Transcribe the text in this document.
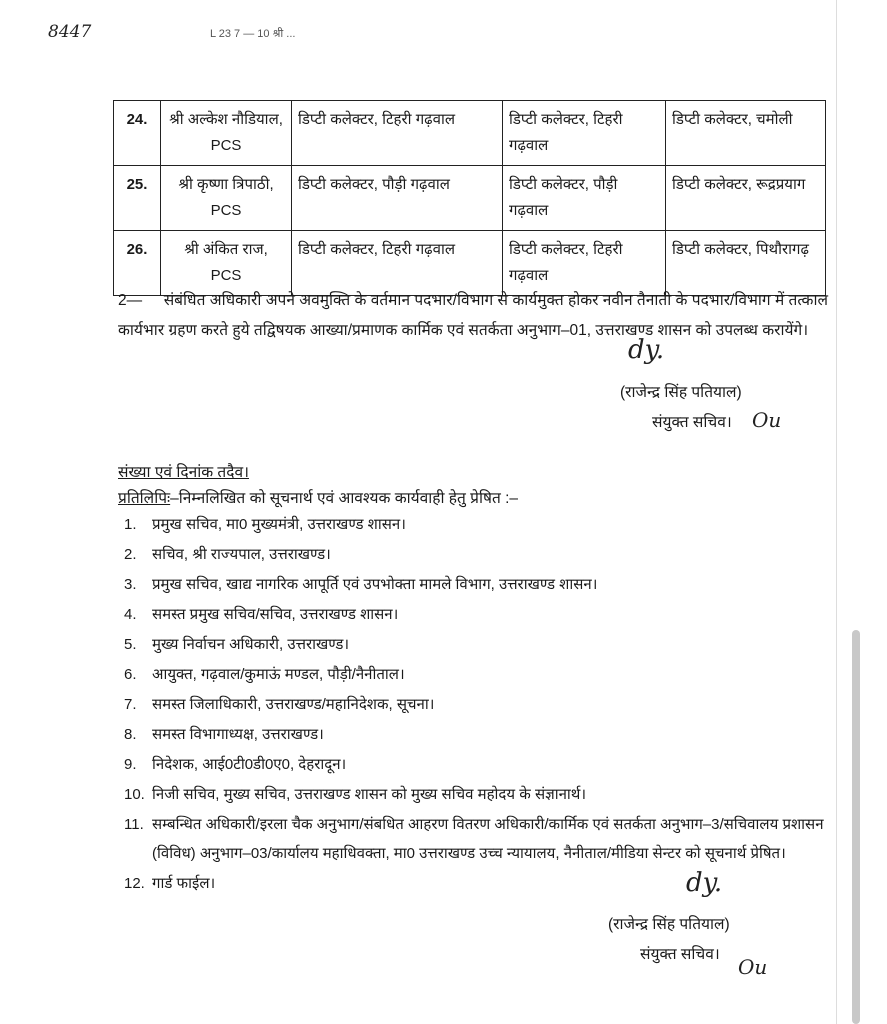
8447	L 23 7 — 10 श्री ...
24.	श्री अल्केश नौडियाल, PCS	डिप्टी कलेक्टर, टिहरी गढ़वाल	डिप्टी कलेक्टर, टिहरी गढ़वाल	डिप्टी कलेक्टर, चमोली
25.	श्री कृष्णा त्रिपाठी, PCS	डिप्टी कलेक्टर, पौड़ी गढ़वाल	डिप्टी कलेक्टर, पौड़ी गढ़वाल	डिप्टी कलेक्टर, रूद्रप्रयाग
26.	श्री अंकित राज, PCS	डिप्टी कलेक्टर, टिहरी गढ़वाल	डिप्टी कलेक्टर, टिहरी गढ़वाल	डिप्टी कलेक्टर, पिथौरागढ़
2—     संबंधित अधिकारी अपने अवमुक्ति के वर्तमान पदभार/विभाग से कार्यमुक्त होकर नवीन तैनाती के पदभार/विभाग में तत्काल कार्यभार ग्रहण करते हुये तद्विषयक आख्या/प्रमाणक कार्मिक एवं सतर्कता अनुभाग–01, उत्तराखण्ड शासन को उपलब्ध करायेंगे।
dy.
(राजेन्द्र सिंह पतियाल)
संयुक्त सचिव। Ou
संख्या एवं दिनांक तदैव।
प्रतिलिपिः–निम्नलिखित को सूचनार्थ एवं आवश्यक कार्यवाही हेतु प्रेषित :–
1. प्रमुख सचिव, मा0 मुख्यमंत्री, उत्तराखण्ड शासन।
2. सचिव, श्री राज्यपाल, उत्तराखण्ड।
3. प्रमुख सचिव, खाद्य नागरिक आपूर्ति एवं उपभोक्ता मामले विभाग, उत्तराखण्ड शासन।
4. समस्त प्रमुख सचिव/सचिव, उत्तराखण्ड शासन।
5. मुख्य निर्वाचन अधिकारी, उत्तराखण्ड।
6. आयुक्त, गढ़वाल/कुमाऊं मण्डल, पौड़ी/नैनीताल।
7. समस्त जिलाधिकारी, उत्तराखण्ड/महानिदेशक, सूचना।
8. समस्त विभागाध्यक्ष, उत्तराखण्ड।
9. निदेशक, आई0टी0डी0ए0, देहरादून।
10. निजी सचिव, मुख्य सचिव, उत्तराखण्ड शासन को मुख्य सचिव महोदय के संज्ञानार्थ।
11. सम्बन्धित अधिकारी/इरला चैक अनुभाग/संबधित आहरण वितरण अधिकारी/कार्मिक एवं सतर्कता अनुभाग–3/सचिवालय प्रशासन (विविध) अनुभाग–03/कार्यालय महाधिवक्ता, मा0 उत्तराखण्ड उच्च न्यायालय, नैनीताल/मीडिया सेन्टर को सूचनार्थ प्रेषित।
12. गार्ड फाईल।	dy.
(राजेन्द्र सिंह पतियाल)
संयुक्त सचिव।
Ou
